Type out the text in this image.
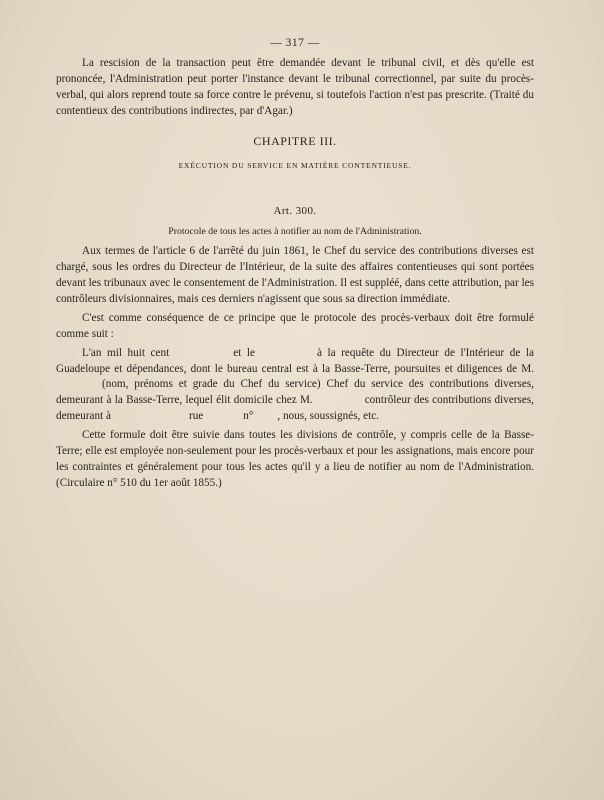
— 317 —

La rescision de la transaction peut être demandée devant le tribunal civil, et dès qu'elle est prononcée, l'Administration peut porter l'instance devant le tribunal correctionnel, par suite du procès-verbal, qui alors reprend toute sa force contre le prévenu, si toutefois l'action n'est pas prescrite. (Traité du contentieux des contributions indirectes, par d'Agar.)

CHAPITRE III.
EXÉCUTION DU SERVICE EN MATIÈRE CONTENTIEUSE.
Art. 300.
Protocole de tous les actes à notifier au nom de l'Administration.

Aux termes de l'article 6 de l'arrêté du juin 1861, le Chef du service des contributions diverses est chargé, sous les ordres du Directeur de l'Intérieur, de la suite des affaires contentieuses qui sont portées devant les tribunaux avec le consentement de l'Administration. Il est suppléé, dans cette attribution, par les contrôleurs divisionnaires, mais ces derniers n'agissent que sous sa direction immédiate.

C'est comme conséquence de ce principe que le protocole des procès-verbaux doit être formulé comme suit :

L'an mil huit cent	et le	à la requête du Directeur de l'Intérieur de la Guadeloupe et dépendances, dont le bureau central est à la Basse-Terre, poursuites et diligences de M.(nom, prénoms et grade du Chef du service) Chef du service des contributions diverses, demeurant à la Basse-Terre, lequel élit domicile chez M.	contrôleur des contributions diverses, demeurant à	rue	n° , nous, soussignés, etc.

Cette formule doit être suivie dans toutes les divisions de contrôle, y compris celle de la Basse-Terre; elle est employée non-seulement pour les procès-verbaux et pour les assignations, mais encore pour les contraintes et généralement pour tous les actes qu'il y a lieu de notifier au nom de l'Administration. (Circulaire n° 510 du 1er août 1855.)
